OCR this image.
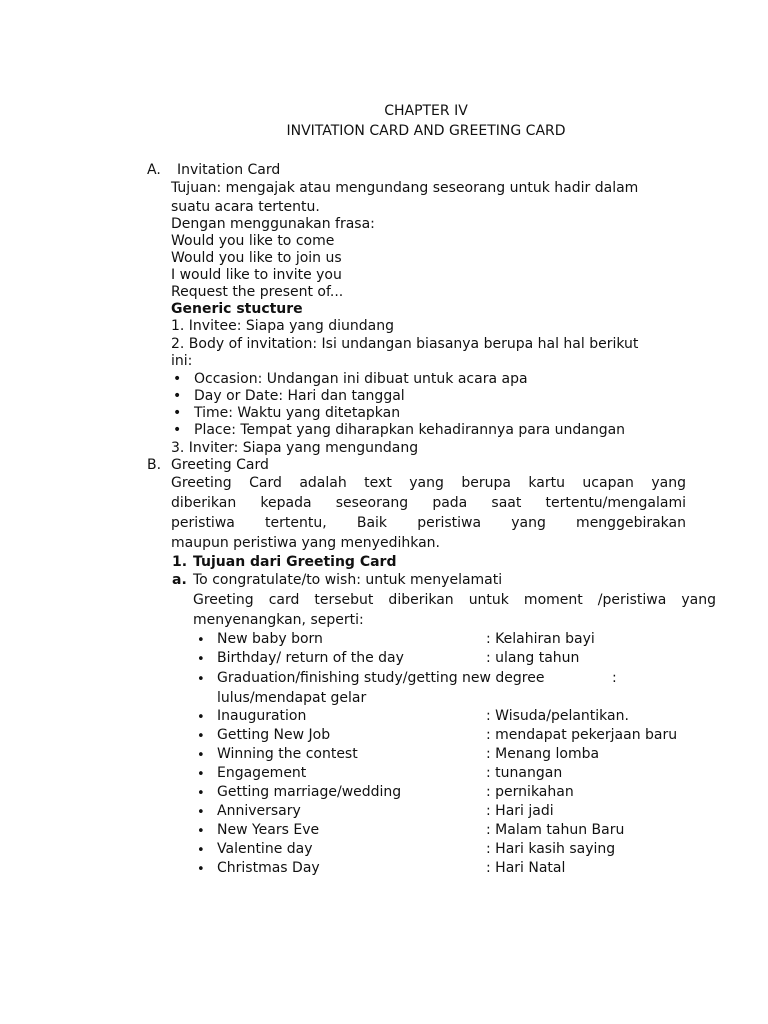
CHAPTER IV
INVITATION CARD AND GREETING CARD
A. Invitation Card
Tujuan: mengajak atau mengundang seseorang untuk hadir dalam
suatu acara tertentu.
Dengan menggunakan frasa:
Would you like to come
Would you like to join us
I would like to invite you
Request the present of...
Generic stucture
1. Invitee: Siapa yang diundang
2. Body of invitation: Isi undangan biasanya berupa hal hal berikut
ini:
• Occasion: Undangan ini dibuat untuk acara apa
• Day or Date: Hari dan tanggal
• Time: Waktu yang ditetapkan
• Place: Tempat yang diharapkan kehadirannya para undangan
3. Inviter: Siapa yang mengundang
B. Greeting Card
Greeting Card adalah text yang berupa kartu ucapan yang
diberikan kepada seseorang pada saat tertentu/mengalami
peristiwa tertentu, Baik peristiwa yang menggebirakan
maupun peristiwa yang menyedihkan.
1. Tujuan dari Greeting Card
a. To congratulate/to wish: untuk menyelamati
Greeting card tersebut diberikan untuk moment /peristiwa yang
menyenangkan, seperti:
• New baby born	: Kelahiran bayi
• Birthday/ return of the day	: ulang tahun
• Graduation/finishing study/getting new degree	:
lulus/mendapat gelar
• Inauguration	: Wisuda/pelantikan.
• Getting New Job	: mendapat pekerjaan baru
• Winning the contest	: Menang lomba
• Engagement	: tunangan
• Getting marriage/wedding	: pernikahan
• Anniversary	: Hari jadi
• New Years Eve	: Malam tahun Baru
• Valentine day	: Hari kasih saying
• Christmas Day	: Hari Natal
